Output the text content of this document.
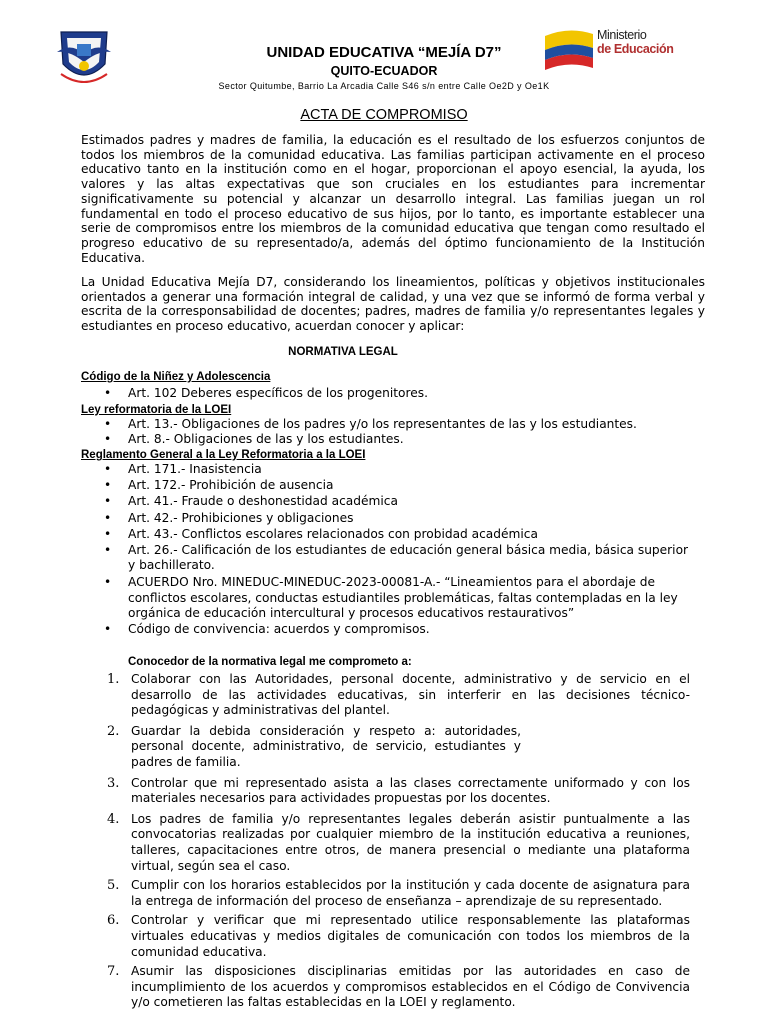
Ministerio
de Educación
UNIDAD EDUCATIVA “MEJÍA D7”
QUITO-ECUADOR
Sector Quitumbe, Barrio La Arcadia Calle S46 s/n entre Calle Oe2D y Oe1K
ACTA DE COMPROMISO
Estimados padres y madres de familia, la educación es el resultado de los esfuerzos conjuntos de todos los miembros de la comunidad educativa. Las familias participan activamente en el proceso educativo tanto en la institución como en el hogar, proporcionan el apoyo esencial, la ayuda, los valores y las altas expectativas que son cruciales en los estudiantes para incrementar significativamente su potencial y alcanzar un desarrollo integral. Las familias juegan un rol fundamental en todo el proceso educativo de sus hijos, por lo tanto, es importante establecer una serie de compromisos entre los miembros de la comunidad educativa que tengan como resultado el progreso educativo de su representado/a, además del óptimo funcionamiento de la Institución Educativa.
La Unidad Educativa Mejía D7, considerando los lineamientos, políticas y objetivos institucionales orientados a generar una formación integral de calidad, y una vez que se informó de forma verbal y escrita de la corresponsabilidad de docentes; padres, madres de familia y/o representantes legales y estudiantes en proceso educativo, acuerdan conocer y aplicar:
NORMATIVA LEGAL
Código de la Niñez y Adolescencia
• Art. 102 Deberes específicos de los progenitores.
Ley reformatoria de la LOEI
• Art. 13.- Obligaciones de los padres y/o los representantes de las y los estudiantes.
• Art. 8.- Obligaciones de las y los estudiantes.
Reglamento General a la Ley Reformatoria a la LOEI
• Art. 171.- Inasistencia
• Art. 172.- Prohibición de ausencia
• Art. 41.- Fraude o deshonestidad académica
• Art. 42.- Prohibiciones y obligaciones
• Art. 43.- Conflictos escolares relacionados con probidad académica
• Art. 26.- Calificación de los estudiantes de educación general básica media, básica superior y bachillerato.
• ACUERDO Nro. MINEDUC-MINEDUC-2023-00081-A.- “Lineamientos para el abordaje de conflictos escolares, conductas estudiantiles problemáticas, faltas contempladas en la ley orgánica de educación intercultural y procesos educativos restaurativos”
• Código de convivencia: acuerdos y compromisos.
Conocedor de la normativa legal me comprometo a:
1. Colaborar con las Autoridades, personal docente, administrativo y de servicio en el desarrollo de las actividades educativas, sin interferir en las decisiones técnico-pedagógicas y administrativas del plantel.
2. Guardar la debida consideración y respeto a: autoridades, personal docente, administrativo, de servicio, estudiantes y padres de familia.
3. Controlar que mi representado asista a las clases correctamente uniformado y con los materiales necesarios para actividades propuestas por los docentes.
4. Los padres de familia y/o representantes legales deberán asistir puntualmente a las convocatorias realizadas por cualquier miembro de la institución educativa a reuniones, talleres, capacitaciones entre otros, de manera presencial o mediante una plataforma virtual, según sea el caso.
5. Cumplir con los horarios establecidos por la institución y cada docente de asignatura para la entrega de información del proceso de enseñanza – aprendizaje de su representado.
6. Controlar y verificar que mi representado utilice responsablemente las plataformas virtuales educativas y medios digitales de comunicación con todos los miembros de la comunidad educativa.
7. Asumir las disposiciones disciplinarias emitidas por las autoridades en caso de incumplimiento de los acuerdos y compromisos establecidos en el Código de Convivencia y/o cometieren las faltas establecidas en la LOEI y reglamento.
